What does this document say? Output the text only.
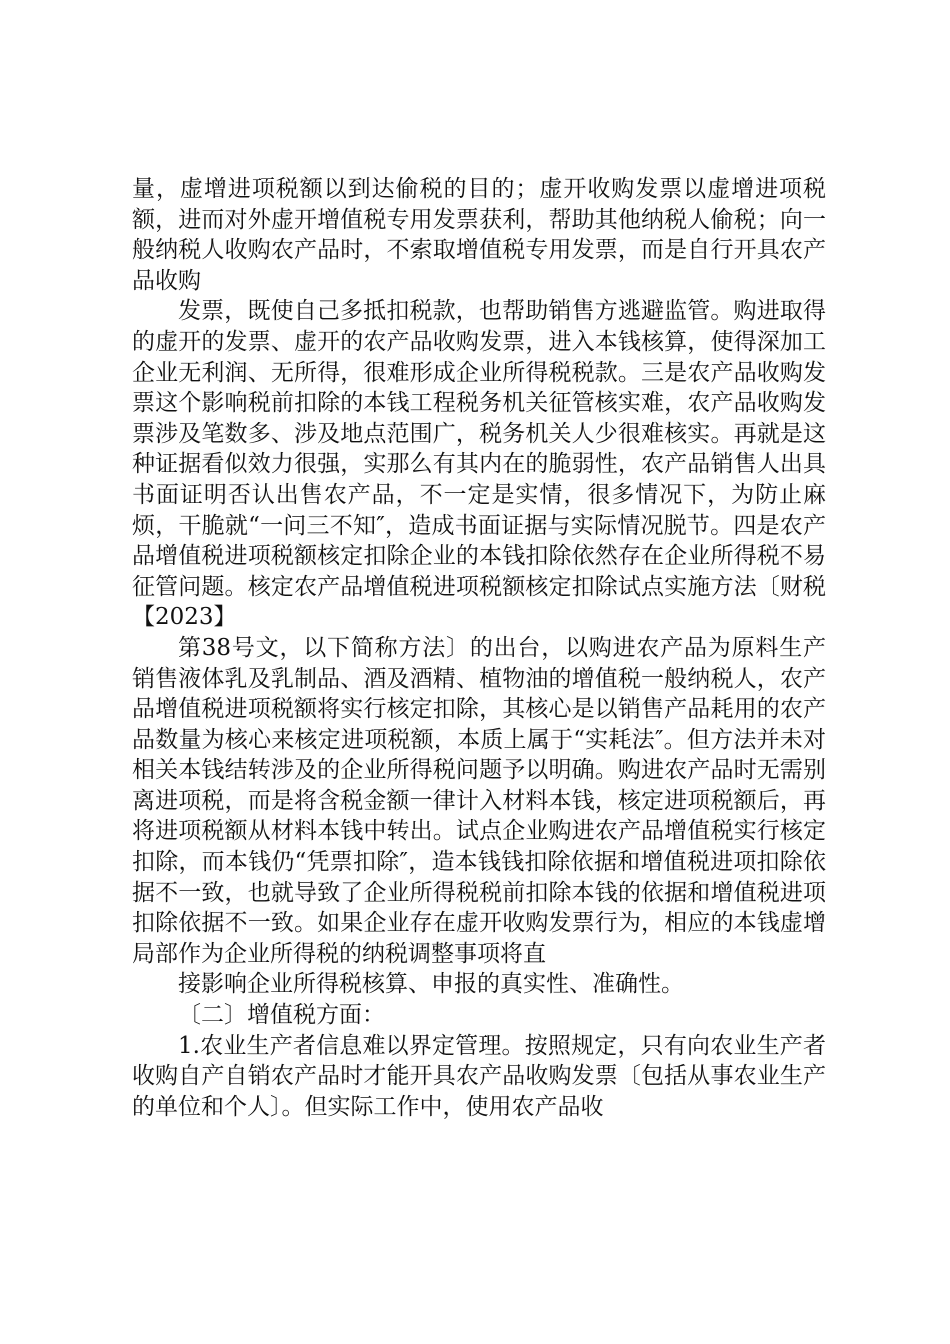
量，虚增进项税额以到达偷税的目的；虚开收购发票以虚增进项税额，进而对外虚开增值税专用发票获利，帮助其他纳税人偷税；向一般纳税人收购农产品时，不索取增值税专用发票，而是自行开具农产品收购

发票，既使自己多抵扣税款，也帮助销售方逃避监管。购进取得的虚开的发票、虚开的农产品收购发票，进入本钱核算，使得深加工企业无利润、无所得，很难形成企业所得税税款。三是农产品收购发票这个影响税前扣除的本钱工程税务机关征管核实难，农产品收购发票涉及笔数多、涉及地点范围广，税务机关人少很难核实。再就是这种证据看似效力很强，实那么有其内在的脆弱性，农产品销售人出具书面证明否认出售农产品，不一定是实情，很多情况下，为防止麻烦，干脆就“一问三不知″，造成书面证据与实际情况脱节。四是农产品增值税进项税额核定扣除企业的本钱扣除依然存在企业所得税不易征管问题。核定农产品增值税进项税额核定扣除试点实施方法〔财税【2023】

第38号文，以下简称方法〕的出台，以购进农产品为原料生产销售液体乳及乳制品、酒及酒精、植物油的增值税一般纳税人，农产品增值税进项税额将实行核定扣除，其核心是以销售产品耗用的农产品数量为核心来核定进项税额，本质上属于“实耗法″。但方法并未对相关本钱结转涉及的企业所得税问题予以明确。购进农产品时无需别离进项税，而是将含税金额一律计入材料本钱，核定进项税额后，再将进项税额从材料本钱中转出。试点企业购进农产品增值税实行核定扣除，而本钱仍“凭票扣除″，造本钱钱扣除依据和增值税进项扣除依据不一致，也就导致了企业所得税税前扣除本钱的依据和增值税进项扣除依据不一致。如果企业存在虚开收购发票行为，相应的本钱虚增局部作为企业所得税的纳税调整事项将直

接影响企业所得税核算、申报的真实性、准确性。

〔二〕增值税方面：

1.农业生产者信息难以界定管理。按照规定，只有向农业生产者收购自产自销农产品时才能开具农产品收购发票〔包括从事农业生产的单位和个人〕。但实际工作中，使用农产品收
